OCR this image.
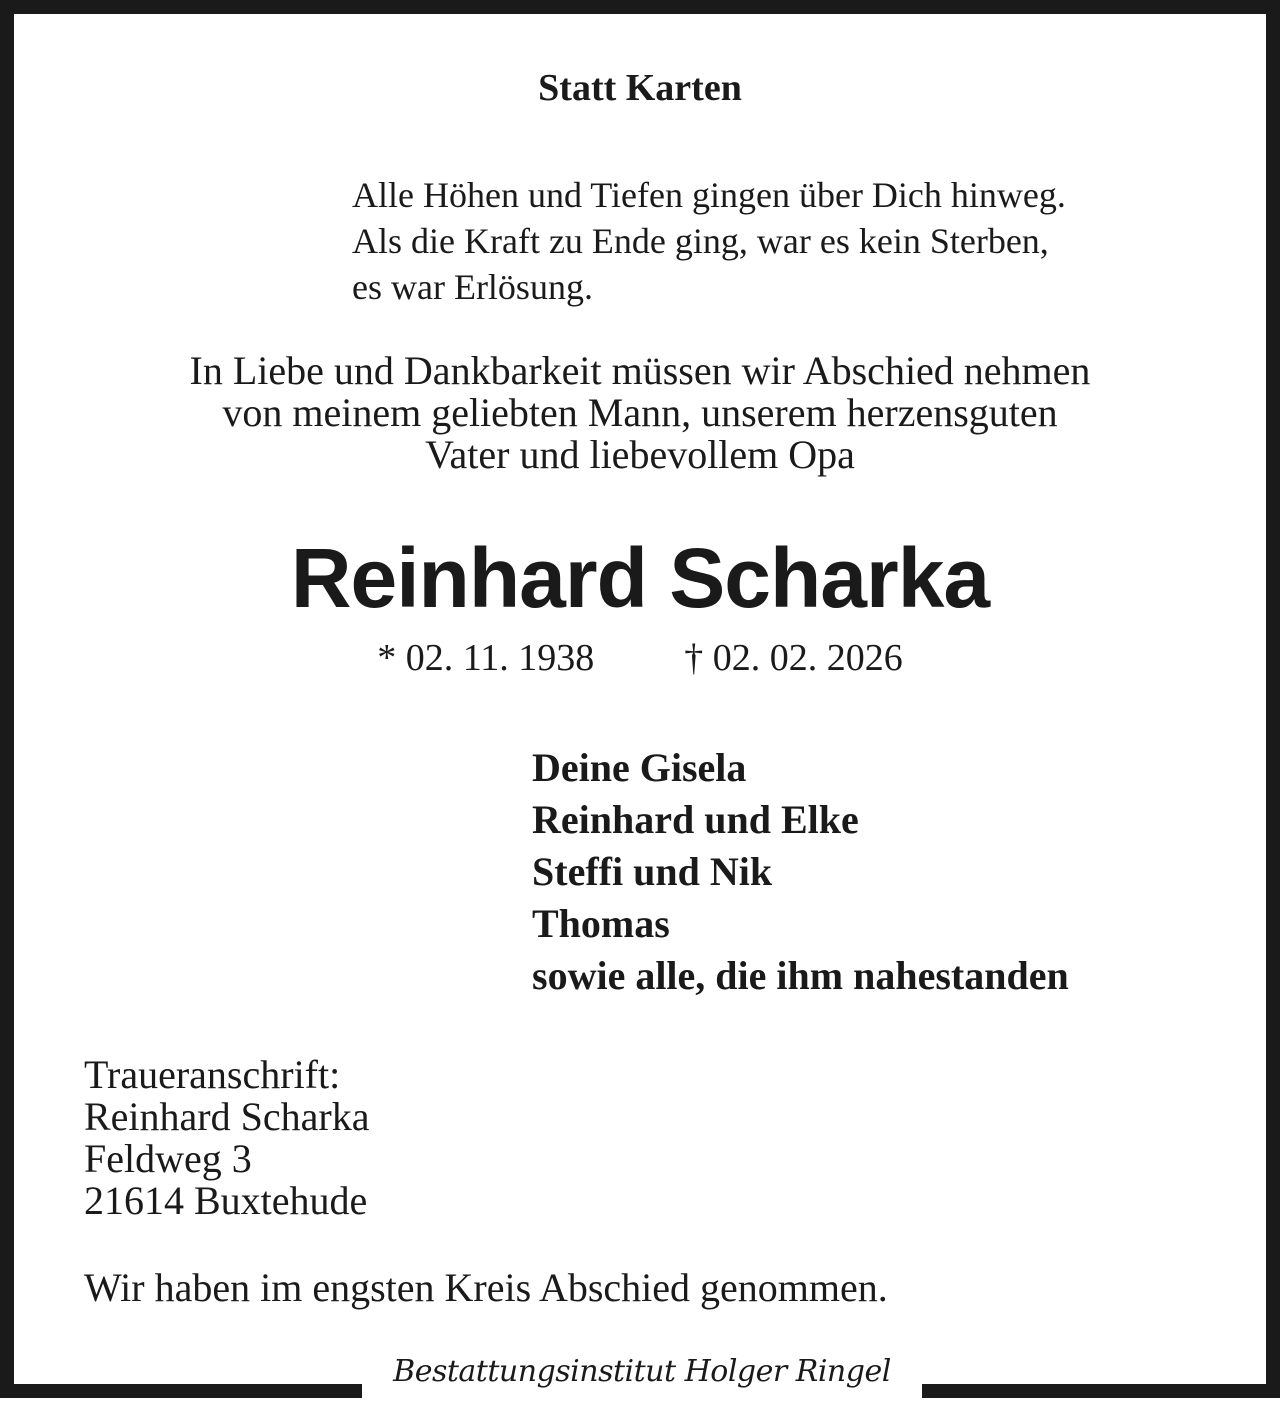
Statt Karten
Alle Höhen und Tiefen gingen über Dich hinweg.
Als die Kraft zu Ende ging, war es kein Sterben,
es war Erlösung.
In Liebe und Dankbarkeit müssen wir Abschied nehmen
von meinem geliebten Mann, unserem herzensguten
Vater und liebevollem Opa
Reinhard Scharka
* 02. 11. 1938 † 02. 02. 2026
Deine Gisela
Reinhard und Elke
Steffi und Nik
Thomas
sowie alle, die ihm nahestanden
Traueranschrift:
Reinhard Scharka
Feldweg 3
21614 Buxtehude
Wir haben im engsten Kreis Abschied genommen.
Bestattungsinstitut Holger Ringel
